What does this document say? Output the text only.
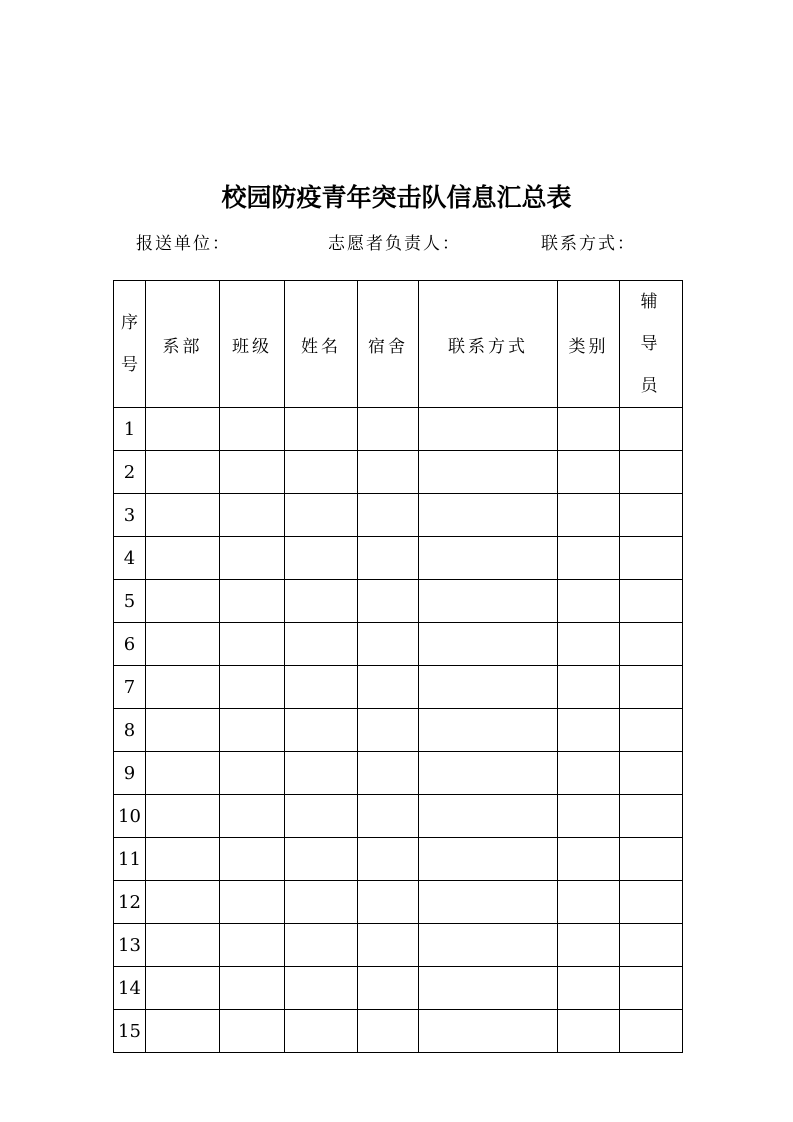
校园防疫青年突击队信息汇总表
报送单位：	志愿者负责人：	联系方式：
序号	系部	班级	姓名	宿舍	联系方式	类别	辅导员
1							
2							
3							
4							
5							
6							
7							
8							
9							
10							
11							
12							
13							
14							
15							
